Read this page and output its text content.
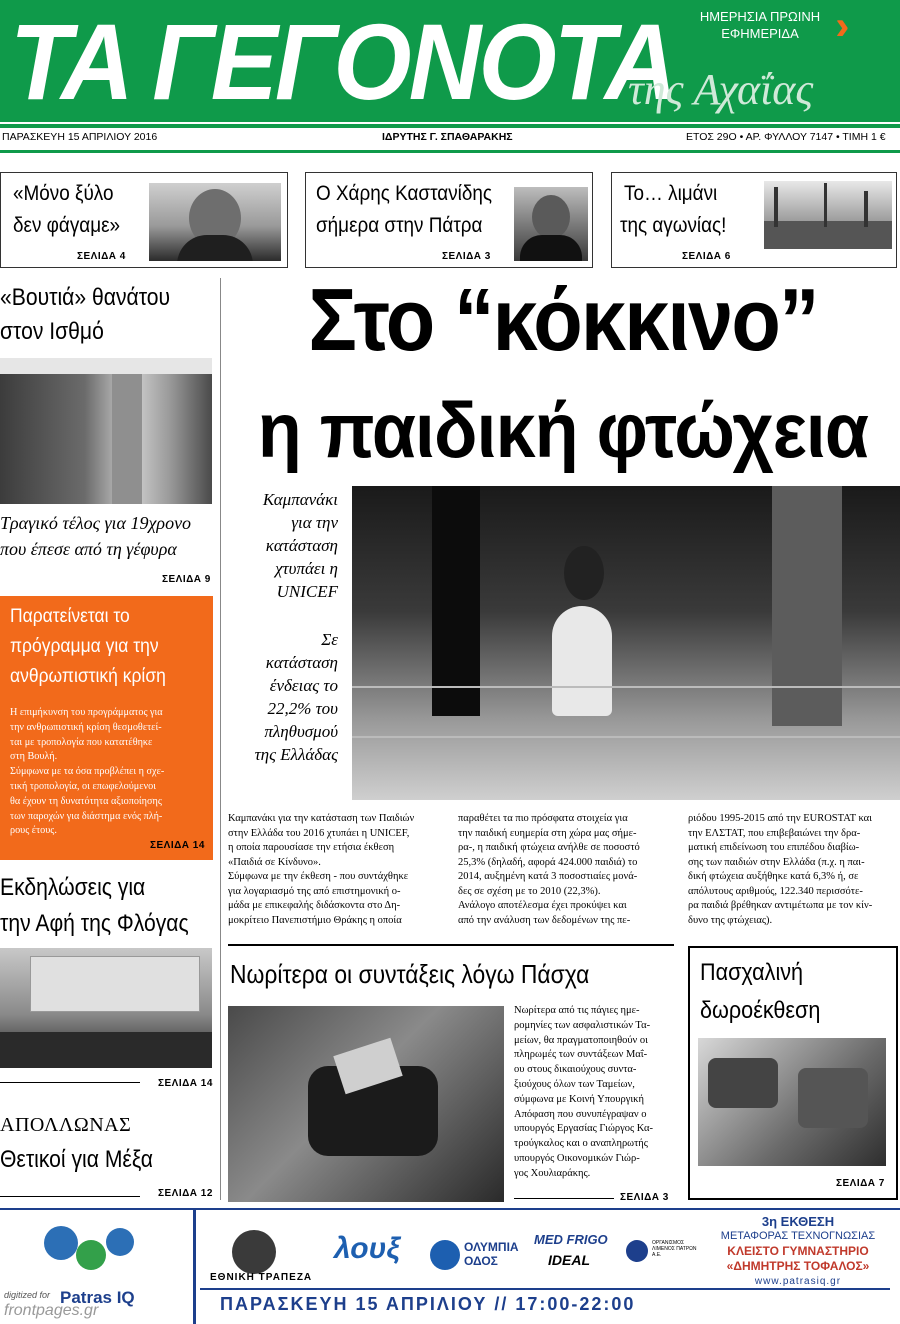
ΤΑ ΓΕΓΟΝΟΤΑ
της Αχαΐας
ΗΜΕΡΗΣΙΑ ΠΡΩΙΝΗ
ΕΦΗΜΕΡΙΔΑ
ΠΑΡΑΣΚΕΥΗ 15 ΑΠΡΙΛΙΟΥ 2016	ΙΔΡΥΤΗΣ Γ. ΣΠΑΘΑΡΑΚΗΣ	ΕΤΟΣ 29Ο • ΑΡ. ΦΥΛΛΟΥ 7147 • ΤΙΜΗ 1 €
«Μόνο ξύλο
δεν φάγαμε»
ΣΕΛΙΔΑ 4
Ο Χάρης Καστανίδης
σήμερα στην Πάτρα
ΣΕΛΙΔΑ 3
Το… λιμάνι
της αγωνίας!
ΣΕΛΙΔΑ 6
«Βουτιά» θανάτου
στον Ισθμό
Τραγικό τέλος για 19χρονο
που έπεσε από τη γέφυρα
ΣΕΛΙΔΑ 9
Παρατείνεται το
πρόγραμμα για την
ανθρωπιστική κρίση
Η επιμήκυνση του προγράμματος για
την ανθρωπιστική κρίση θεσμοθετεί-
ται με τροπολογία που κατατέθηκε
στη Βουλή.
Σύμφωνα με τα όσα προβλέπει η σχε-
τική τροπολογία, οι επωφελούμενοι
θα έχουν τη δυνατότητα αξιοποίησης
των παροχών για διάστημα ενός πλή-
ρους έτους.
ΣΕΛΙΔΑ 14
Εκδηλώσεις για
την Αφή της Φλόγας
ΣΕΛΙΔΑ 14
ΑΠΟΛΛΩΝΑΣ
Θετικοί για Μέξα
ΣΕΛΙΔΑ 12
Στο “κόκκινο”
η παιδική φτώχεια
Καμπανάκι
για την
κατάσταση
χτυπάει η
UNICEF
Σε
κατάσταση
ένδειας το
22,2% του
πληθυσμού
της Ελλάδας
Καμπανάκι για την κατάσταση των Παιδιών
στην Ελλάδα του 2016 χτυπάει η UNICEF,
η οποία παρουσίασε την ετήσια έκθεση
«Παιδιά σε Κίνδυνο».
Σύμφωνα με την έκθεση - που συντάχθηκε
για λογαριασμό της από επιστημονική ο-
μάδα με επικεφαλής διδάσκοντα στο Δη-
μοκρίτειο Πανεπιστήμιο Θράκης η οποία
παραθέτει τα πιο πρόσφατα στοιχεία για
την παιδική ευημερία στη χώρα μας σήμε-
ρα-, η παιδική φτώχεια ανήλθε σε ποσοστό
25,3% (δηλαδή, αφορά 424.000 παιδιά) το
2014, αυξημένη κατά 3 ποσοστιαίες μονά-
δες σε σχέση με το 2010 (22,3%).
Ανάλογο αποτέλεσμα έχει προκύψει και
από την ανάλυση των δεδομένων της πε-
ριόδου 1995-2015 από την EUROSTAT και
την ΕΛΣΤΑΤ, που επιβεβαιώνει την δρα-
ματική επιδείνωση του επιπέδου διαβίω-
σης των παιδιών στην Ελλάδα (π.χ. η παι-
δική φτώχεια αυξήθηκε κατά 6,3% ή, σε
απόλυτους αριθμούς, 122.340 περισσότε-
ρα παιδιά βρέθηκαν αντιμέτωπα με τον κίν-
δυνο της φτώχειας).
Νωρίτερα οι συντάξεις λόγω Πάσχα
Νωρίτερα από τις πάγιες ημε-
ρομηνίες των ασφαλιστικών Τα-
μείων, θα πραγματοποιηθούν οι
πληρωμές των συντάξεων Μαΐ-
ου στους δικαιούχους συντα-
ξιούχους όλων των Ταμείων,
σύμφωνα με Κοινή Υπουργική
Απόφαση που συνυπέγραψαν ο
υπουργός Εργασίας Γιώργος Κα-
τρούγκαλος και ο αναπληρωτής
υπουργός Οικονομικών Γιώρ-
γος Χουλιαράκης.
ΣΕΛΙΔΑ 3
Πασχαλινή
δωροέκθεση
ΣΕΛΙΔΑ 7
digitized for Patras IQ
frontpages.gr
ΕΘΝΙΚΗ ΤΡΑΠΕΖΑ
λουξ	ΟΛΥΜΠΙΑ
ΟΔΟΣ
MED FRIGO
IDEAL
ΟΡΓΑΝΙΣΜΟΣ ΛΙΜΕΝΟΣ ΠΑΤΡΩΝ Α.Ε.
3η ΕΚΘΕΣΗ
ΜΕΤΑΦΟΡΑΣ ΤΕΧΝΟΓΝΩΣΙΑΣ
ΚΛΕΙΣΤΟ ΓΥΜΝΑΣΤΗΡΙΟ
«ΔΗΜΗΤΡΗΣ ΤΟΦΑΛΟΣ»
www.patrasiq.gr
ΠΑΡΑΣΚΕΥΗ 15 ΑΠΡΙΛΙΟΥ // 17:00-22:00
